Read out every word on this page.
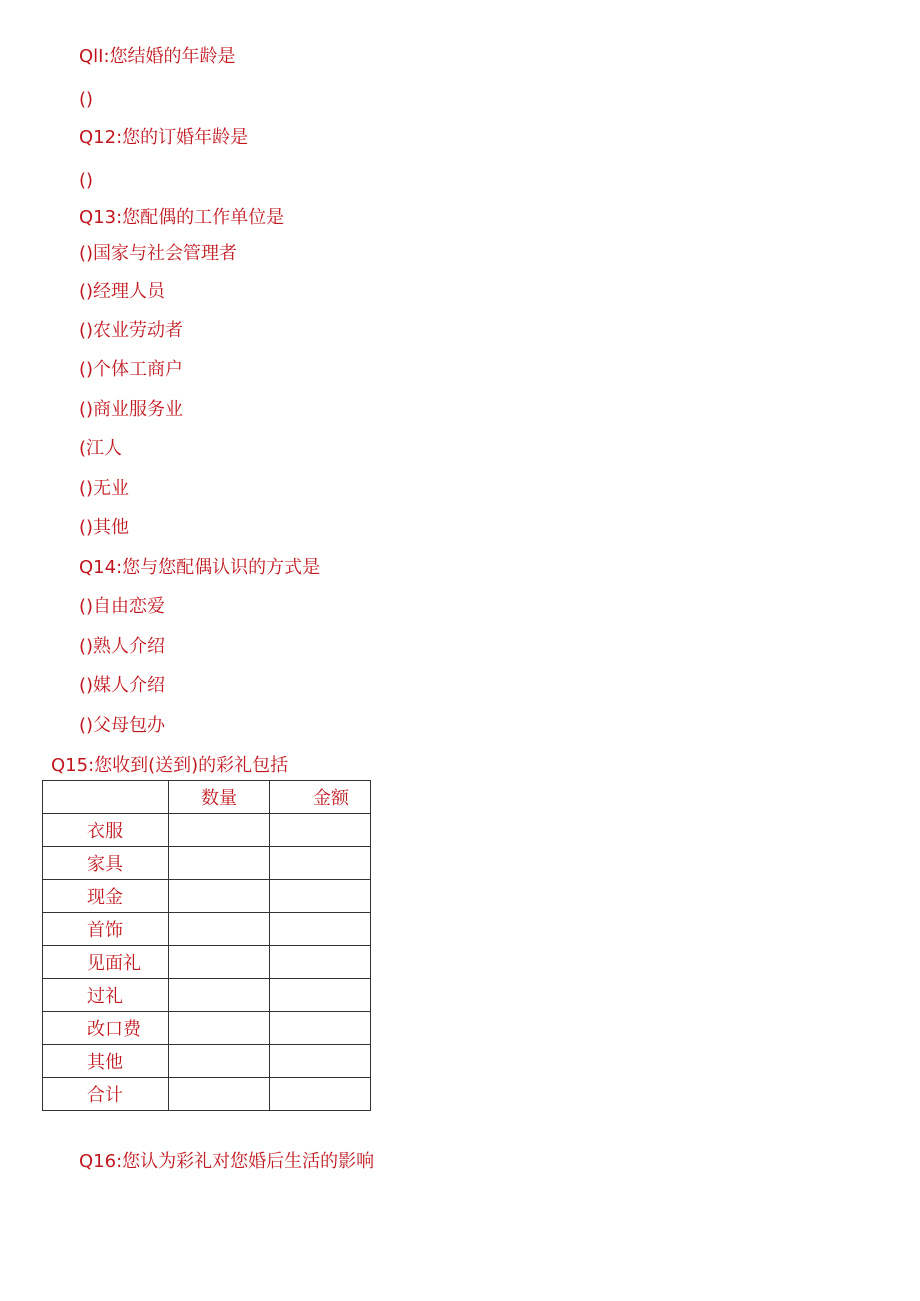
QlI:您结婚的年龄是
()
Q12:您的订婚年龄是
()
Q13:您配偶的工作单位是
()国家与社会管理者
()经理人员
()农业劳动者
()个体工商户
()商业服务业
(江人
()无业
()其他
Q14:您与您配偶认识的方式是
()自由恋爱
()熟人介绍
()媒人介绍
()父母包办
Q15:您收到(送到)的彩礼包括
	数量	金额
衣服		
家具		
现金		
首饰		
见面礼		
过礼		
改口费		
其他		
合计		
Q16:您认为彩礼对您婚后生活的影响
